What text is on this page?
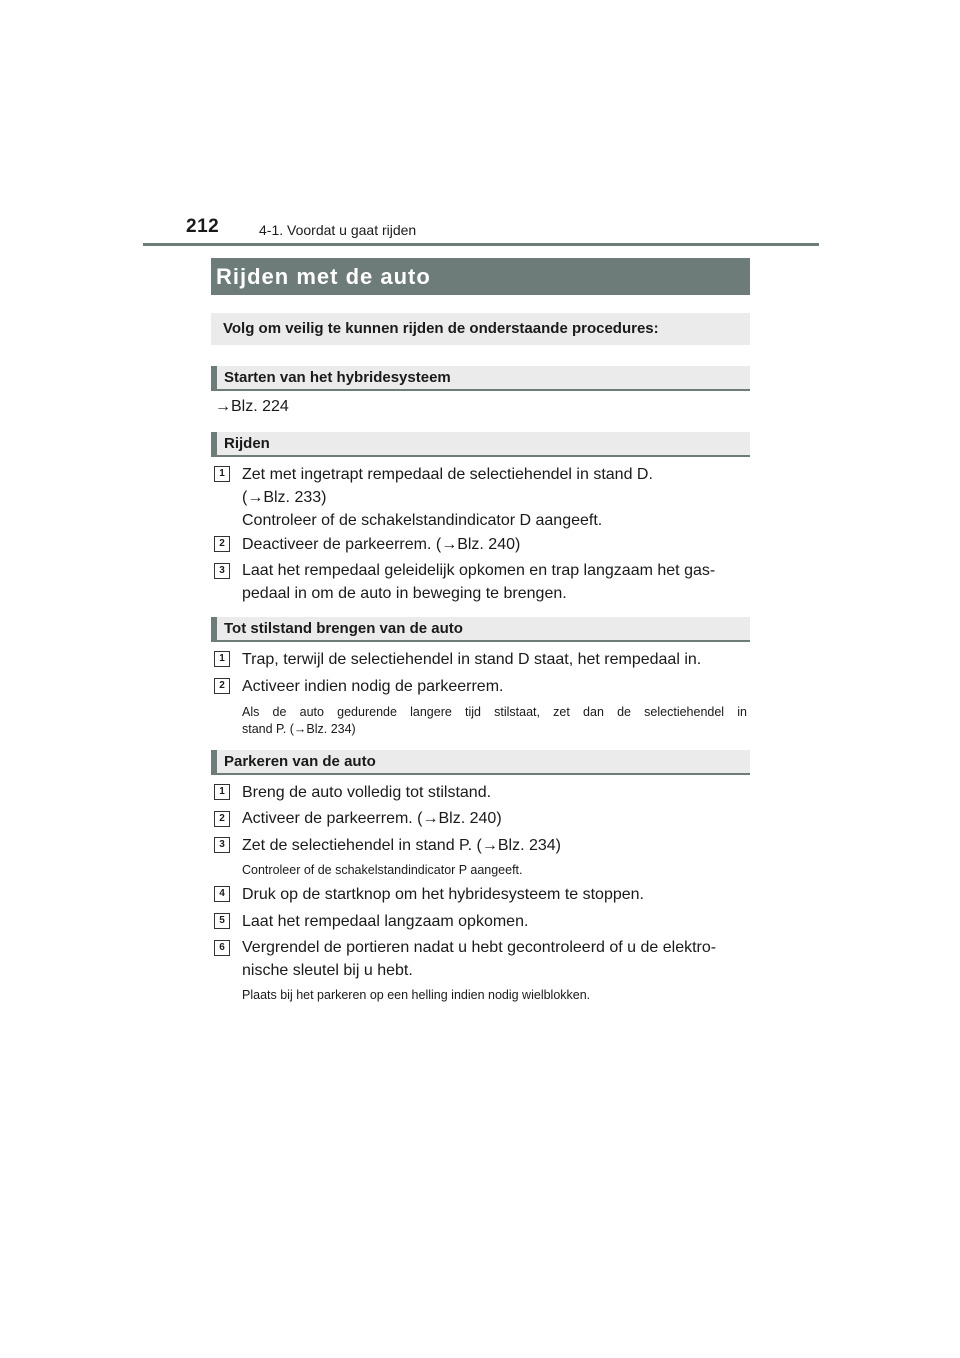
212	4-1. Voordat u gaat rijden
Rijden met de auto
Volg om veilig te kunnen rijden de onderstaande procedures:
Starten van het hybridesysteem
→Blz. 224
Rijden
1	Zet met ingetrapt rempedaal de selectiehendel in stand D.
(→Blz. 233)
Controleer of de schakelstandindicator D aangeeft.
2	Deactiveer de parkeerrem. (→Blz. 240)
3	Laat het rempedaal geleidelijk opkomen en trap langzaam het gas-
pedaal in om de auto in beweging te brengen.
Tot stilstand brengen van de auto
1	Trap, terwijl de selectiehendel in stand D staat, het rempedaal in.
2	Activeer indien nodig de parkeerrem.
Als de auto gedurende langere tijd stilstaat, zet dan de selectiehendel in
stand P. (→Blz. 234)
Parkeren van de auto
1	Breng de auto volledig tot stilstand.
2	Activeer de parkeerrem. (→Blz. 240)
3	Zet de selectiehendel in stand P. (→Blz. 234)
Controleer of de schakelstandindicator P aangeeft.
4	Druk op de startknop om het hybridesysteem te stoppen.
5	Laat het rempedaal langzaam opkomen.
6	Vergrendel de portieren nadat u hebt gecontroleerd of u de elektro-
nische sleutel bij u hebt.
Plaats bij het parkeren op een helling indien nodig wielblokken.
